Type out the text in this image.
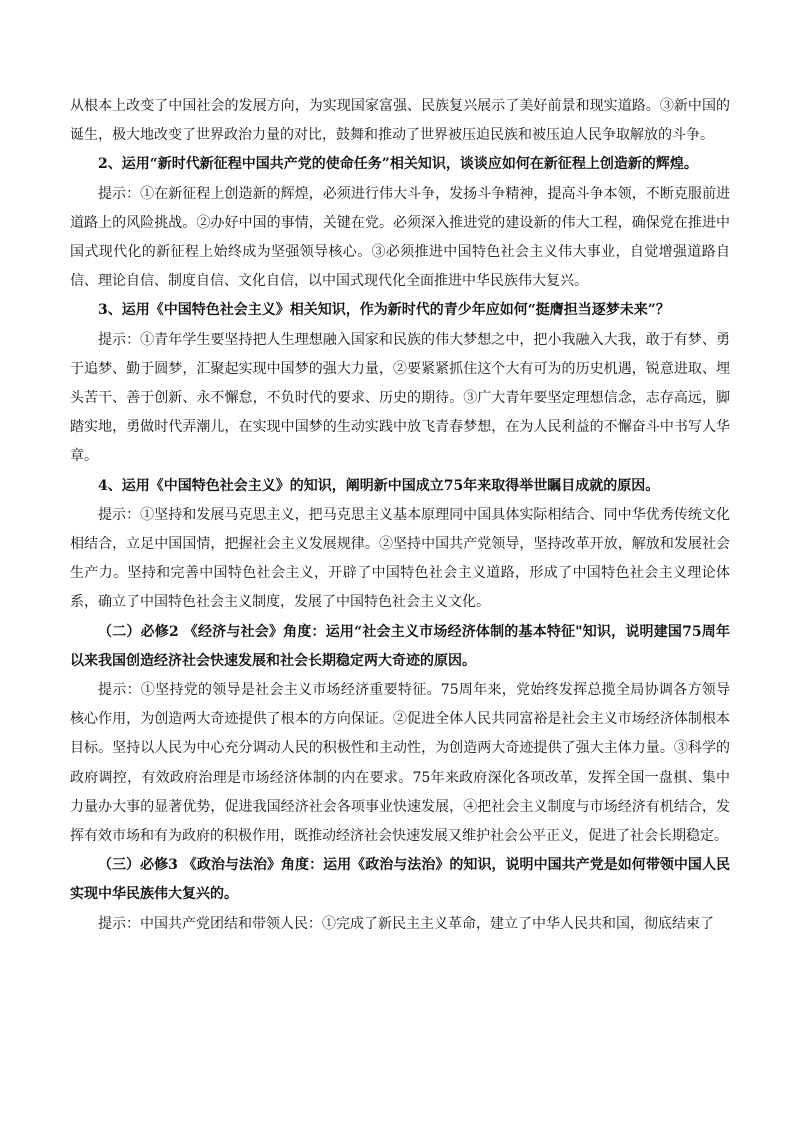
从根本上改变了中国社会的发展方向，为实现国家富强、民族复兴展示了美好前景和现实道路。③新中国的诞生，极大地改变了世界政治力量的对比，鼓舞和推动了世界被压迫民族和被压迫人民争取解放的斗争。

2、运用“新时代新征程中国共产党的使命任务”相关知识，谈谈应如何在新征程上创造新的辉煌。

提示：①在新征程上创造新的辉煌，必须进行伟大斗争，发扬斗争精神，提高斗争本领，不断克服前进道路上的风险挑战。②办好中国的事情，关键在党。必须深入推进党的建设新的伟大工程，确保党在推进中国式现代化的新征程上始终成为坚强领导核心。③必须推进中国特色社会主义伟大事业，自觉增强道路自信、理论自信、制度自信、文化自信，以中国式现代化全面推进中华民族伟大复兴。

3、运用《中国特色社会主义》相关知识，作为新时代的青少年应如何“挺膺担当逐梦未来”？

提示：①青年学生要坚持把人生理想融入国家和民族的伟大梦想之中，把小我融入大我，敢于有梦、勇于追梦、勤于圆梦，汇聚起实现中国梦的强大力量，②要紧紧抓住这个大有可为的历史机遇，锐意进取、埋头苦干、善于创新、永不懈怠，不负时代的要求、历史的期待。③广大青年要坚定理想信念，志存高远，脚踏实地，勇做时代弄潮儿，在实现中国梦的生动实践中放飞青春梦想，在为人民利益的不懈奋斗中书写人华章。

4、运用《中国特色社会主义》的知识，阐明新中国成立75年来取得举世瞩目成就的原因。

提示：①坚持和发展马克思主义，把马克思主义基本原理同中国具体实际相结合、同中华优秀传统文化相结合，立足中国国情，把握社会主义发展规律。②坚持中国共产党领导，坚持改革开放，解放和发展社会生产力。坚持和完善中国特色社会主义，开辟了中国特色社会主义道路，形成了中国特色社会主义理论体系，确立了中国特色社会主义制度，发展了中国特色社会主义文化。

（二）必修2 《经济与社会》角度：运用“社会主义市场经济体制的基本特征"知识，说明建国75周年以来我国创造经济社会快速发展和社会长期稳定两大奇迹的原因。

提示：①坚持党的领导是社会主义市场经济重要特征。75周年来，党始终发挥总揽全局协调各方领导核心作用，为创造两大奇迹提供了根本的方向保证。②促进全体人民共同富裕是社会主义市场经济体制根本目标。坚持以人民为中心充分调动人民的积极性和主动性，为创造两大奇迹提供了强大主体力量。③科学的政府调控，有效政府治理是市场经济体制的内在要求。75年来政府深化各项改革，发挥全国一盘棋、集中力量办大事的显著优势，促进我国经济社会各项事业快速发展，④把社会主义制度与市场经济有机结合，发挥有效市场和有为政府的积极作用，既推动经济社会快速发展又维护社会公平正义，促进了社会长期稳定。

（三）必修3 《政治与法治》角度：运用《政治与法治》的知识，说明中国共产党是如何带领中国人民实现中华民族伟大复兴的。

提示：中国共产党团结和带领人民：①完成了新民主主义革命，建立了中华人民共和国，彻底结束了
